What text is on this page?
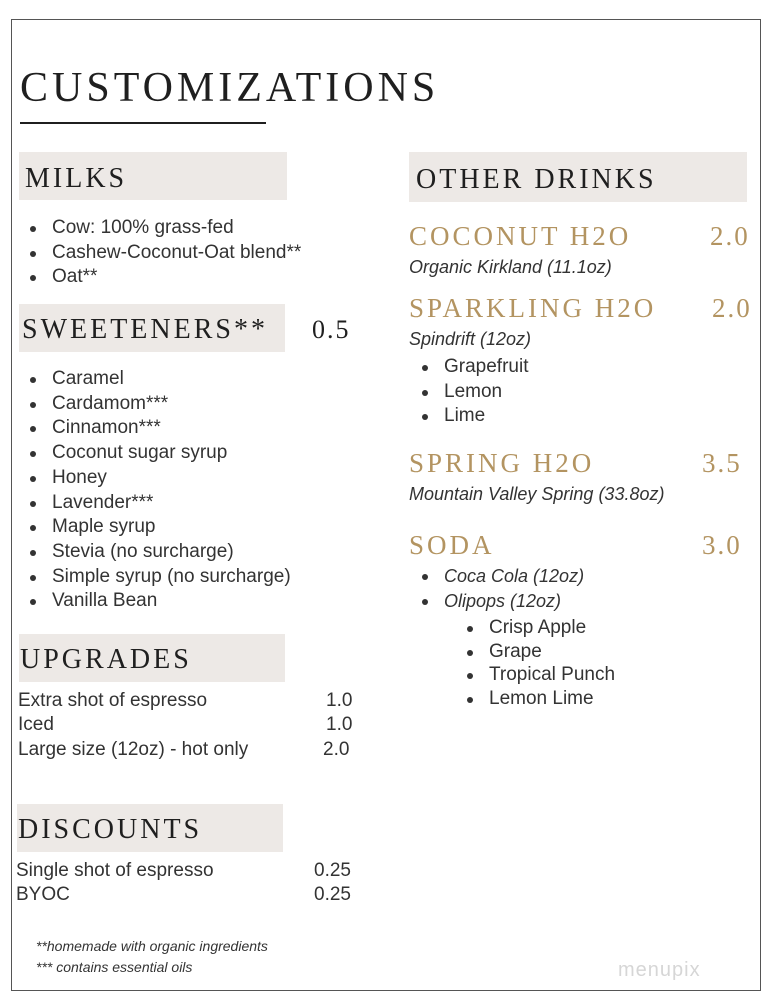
CUSTOMIZATIONS
MILKS
Cow: 100% grass-fed
Cashew-Coconut-Oat blend**
Oat**
SWEETENERS** 0.5
Caramel
Cardamom***
Cinnamon***
Coconut sugar syrup
Honey
Lavender***
Maple syrup
Stevia (no surcharge)
Simple syrup (no surcharge)
Vanilla Bean
UPGRADES
Extra shot of espresso	1.0
Iced	1.0
Large size (12oz) - hot only	2.0
DISCOUNTS
Single shot of espresso	0.25
BYOC	0.25
**homemade with organic ingredients
*** contains essential oils
OTHER DRINKS
COCONUT H2O	2.0
Organic Kirkland (11.1oz)
SPARKLING H2O 2.0
Spindrift (12oz)
Grapefruit
Lemon
Lime
SPRING H2O	3.5
Mountain Valley Spring (33.8oz)
SODA	3.0
Coca Cola (12oz)
Olipops (12oz)
Crisp Apple
Grape
Tropical Punch
Lemon Lime
menupix
